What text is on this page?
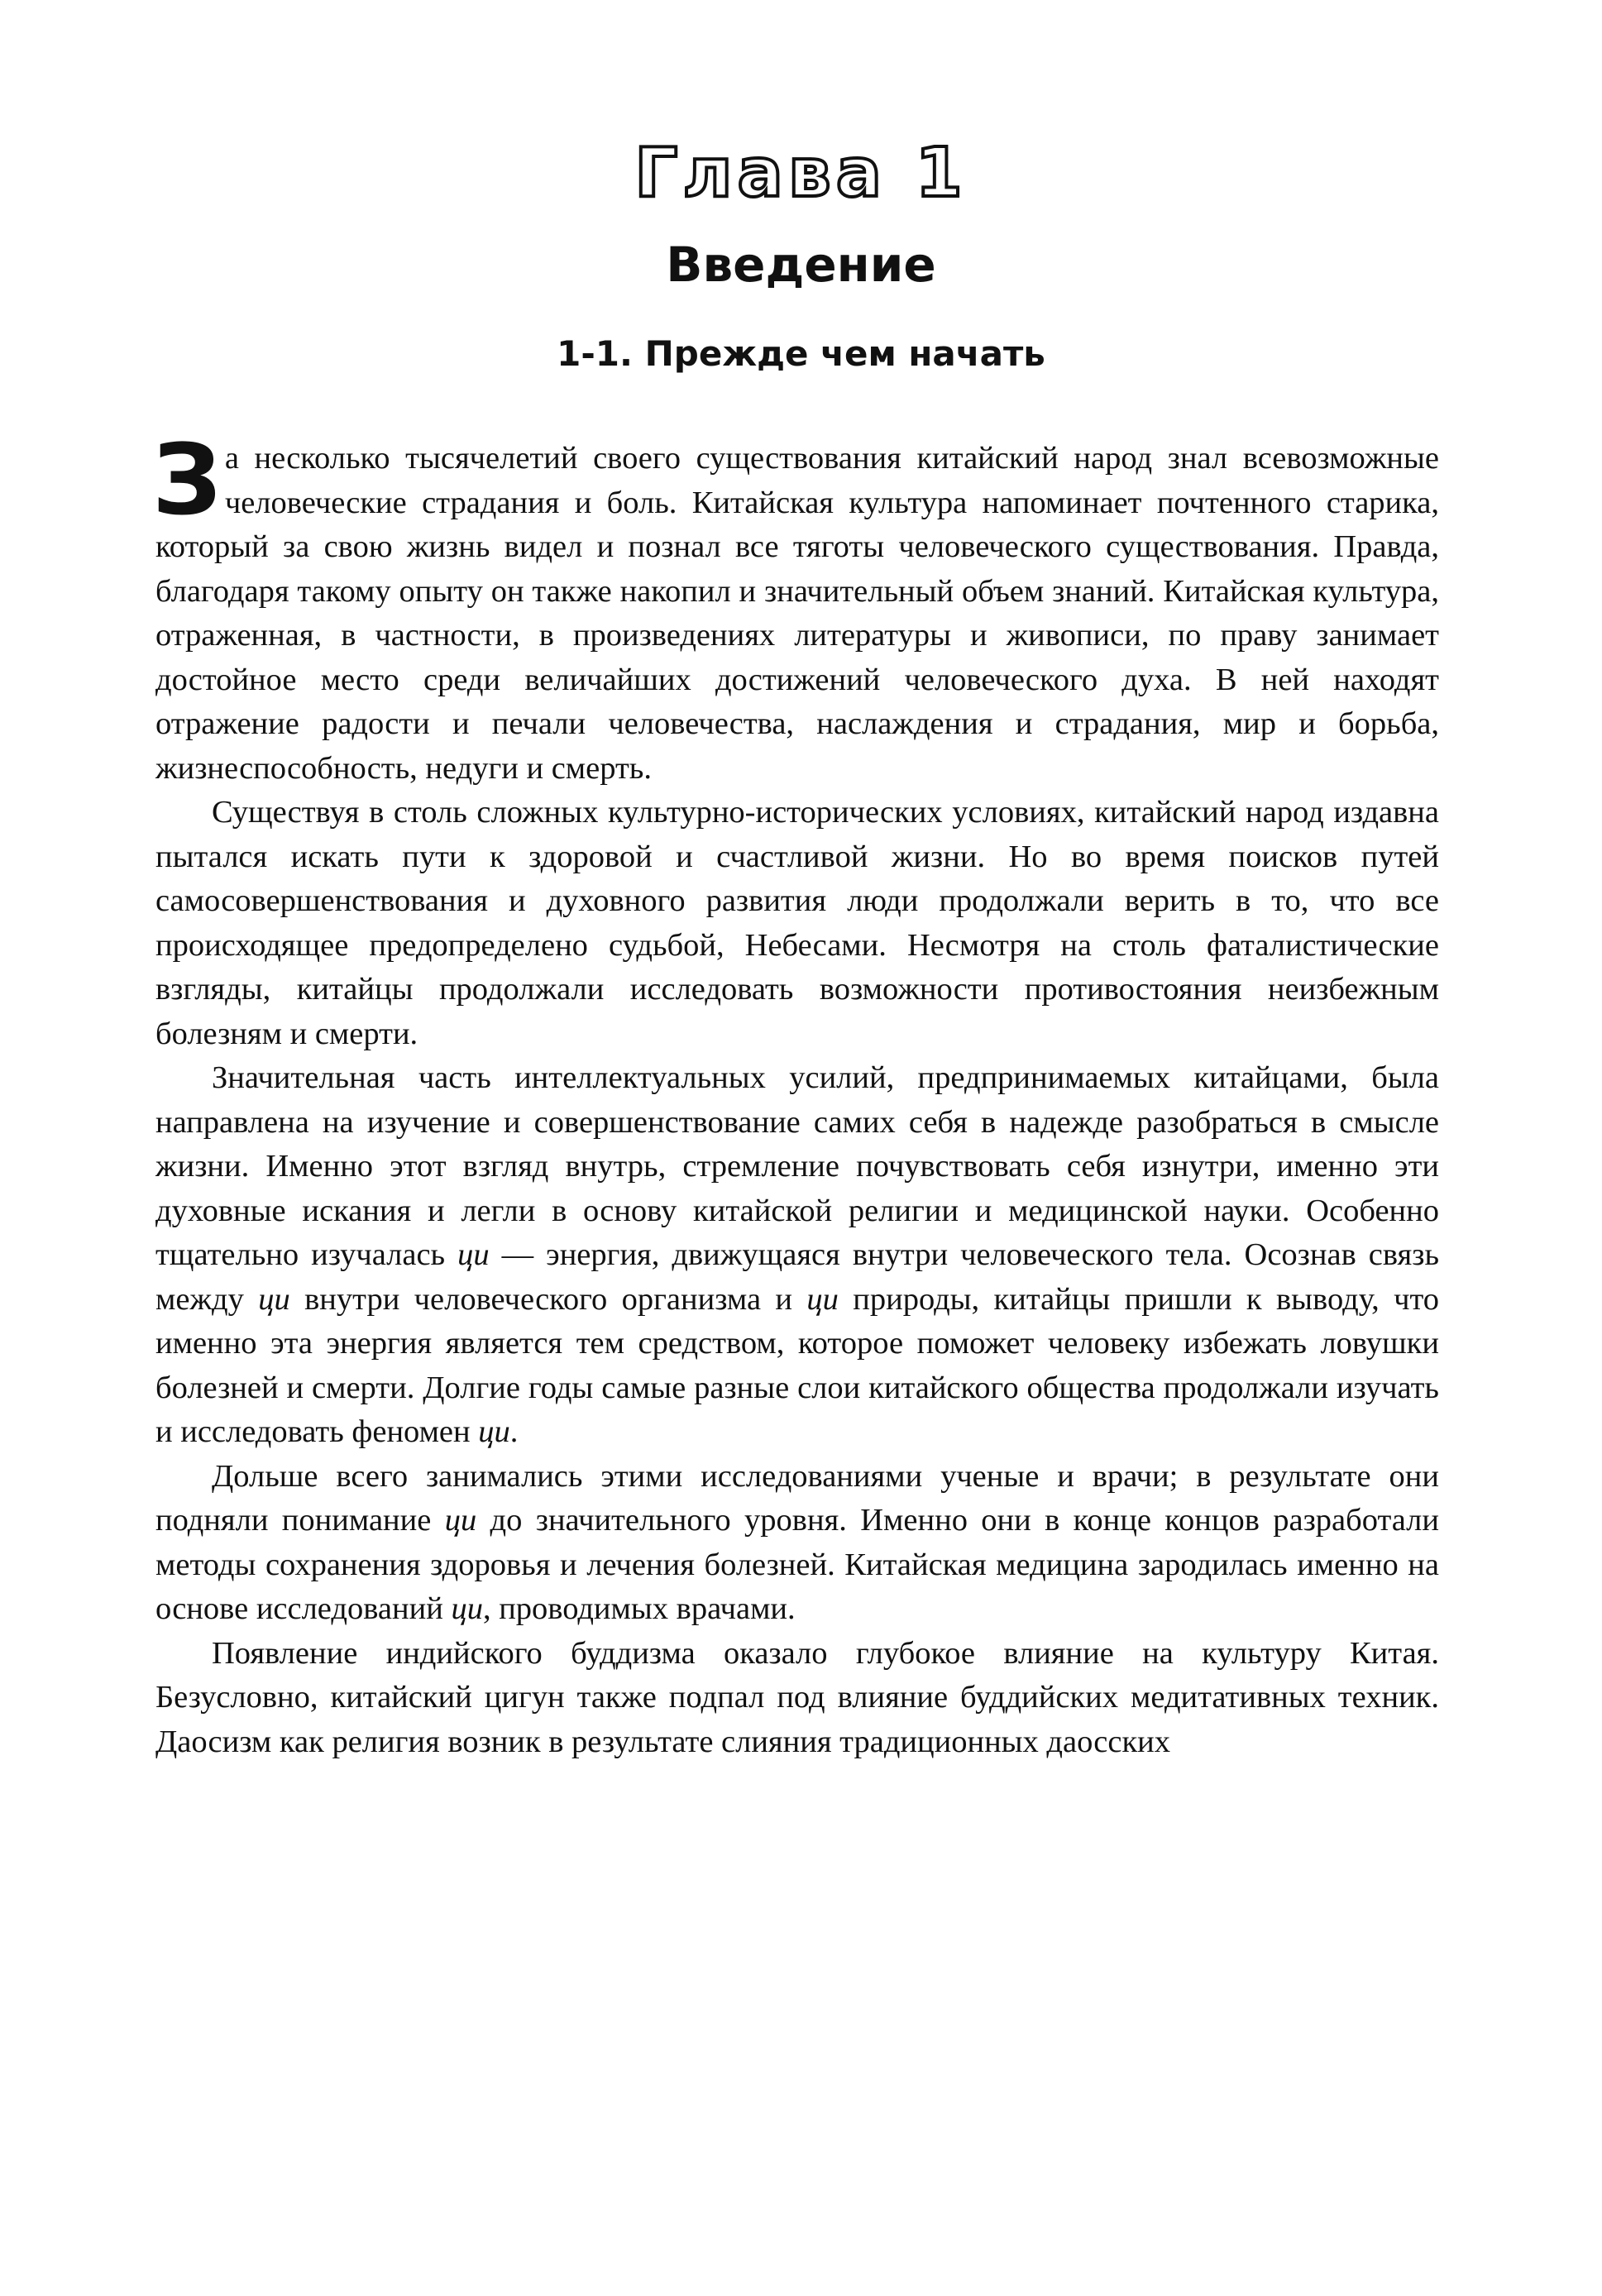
Глава 1
Введение
1-1. Прежде чем начать

За несколько тысячелетий своего существования китайский народ знал всевозможные человеческие страдания и боль. Китайская культура напоминает почтенного старика, который за свою жизнь видел и познал все тяготы человеческого существования. Правда, благодаря такому опыту он также накопил и значительный объем знаний. Китайская культура, отраженная, в частности, в произведениях литературы и живописи, по праву занимает достойное место среди величайших достижений человеческого духа. В ней находят отражение радости и печали человечества, наслаждения и страдания, мир и борьба, жизнеспособность, недуги и смерть.

Существуя в столь сложных культурно-исторических условиях, китайский народ издавна пытался искать пути к здоровой и счастливой жизни. Но во время поисков путей самосовершенствования и духовного развития люди продолжали верить в то, что все происходящее предопределено судьбой, Небесами. Несмотря на столь фаталистические взгляды, китайцы продолжали исследовать возможности противостояния неизбежным болезням и смерти.

Значительная часть интеллектуальных усилий, предпринимаемых китайцами, была направлена на изучение и совершенствование самих себя в надежде разобраться в смысле жизни. Именно этот взгляд внутрь, стремление почувствовать себя изнутри, именно эти духовные искания и легли в основу китайской религии и медицинской науки. Особенно тщательно изучалась ци — энергия, движущаяся внутри человеческого тела. Осознав связь между ци внутри человеческого организма и ци природы, китайцы пришли к выводу, что именно эта энергия является тем средством, которое поможет человеку избежать ловушки болезней и смерти. Долгие годы самые разные слои китайского общества продолжали изучать и исследовать феномен ци.

Дольше всего занимались этими исследованиями ученые и врачи; в результате они подняли понимание ци до значительного уровня. Именно они в конце концов разработали методы сохранения здоровья и лечения болезней. Китайская медицина зародилась именно на основе исследований ци, проводимых врачами.

Появление индийского буддизма оказало глубокое влияние на культуру Китая. Безусловно, китайский цигун также подпал под влияние буддийских медитативных техник. Даосизм как религия возник в результате слияния традиционных даосских
